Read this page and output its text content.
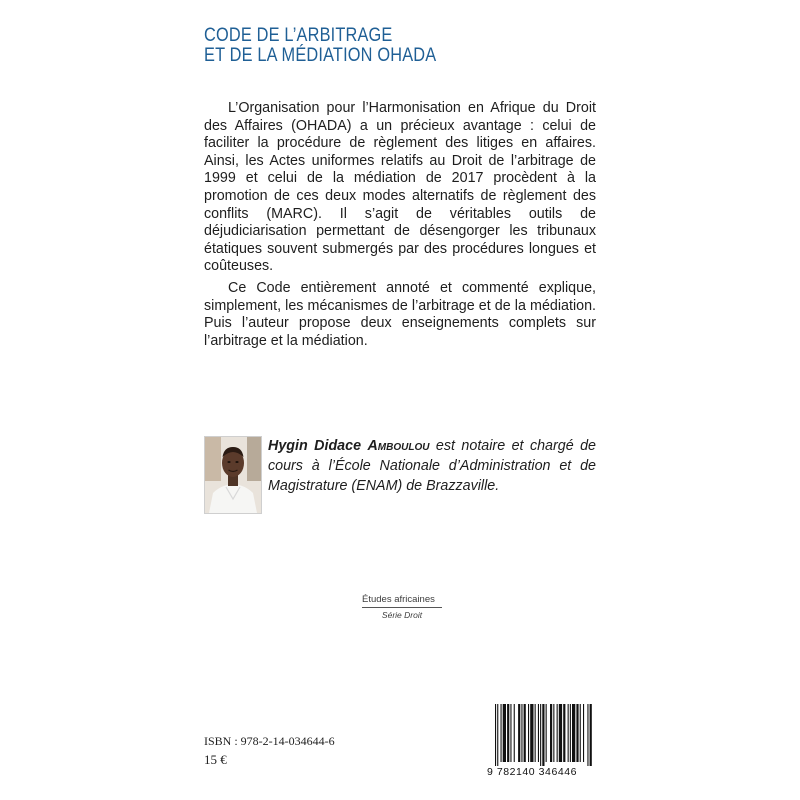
CODE DE L’ARBITRAGE
ET DE LA MÉDIATION OHADA

L’Organisation pour l’Harmonisation en Afrique du Droit des Affaires (OHADA) a un précieux avantage : celui de faciliter la procédure de règlement des litiges en affaires. Ainsi, les Actes uniformes relatifs au Droit de l’arbitrage de 1999 et celui de la médiation de 2017 procèdent à la promotion de ces deux modes alternatifs de règlement des conflits (MARC). Il s’agit de véritables outils de déjudiciarisation permettant de désengorger les tribunaux étatiques souvent submergés par des procédures longues et coûteuses.

Ce Code entièrement annoté et commenté explique, simplement, les mécanismes de l’arbitrage et de la médiation. Puis l’auteur propose deux enseignements complets sur l’arbitrage et la médiation.

Hygin Didace Amboulou est notaire et chargé de cours à l’École Nationale d’Administration et de Magistrature (ENAM) de Brazzaville.

Études africaines
Série Droit

ISBN : 978-2-14-034644-6

15 €

9 782140 346446
